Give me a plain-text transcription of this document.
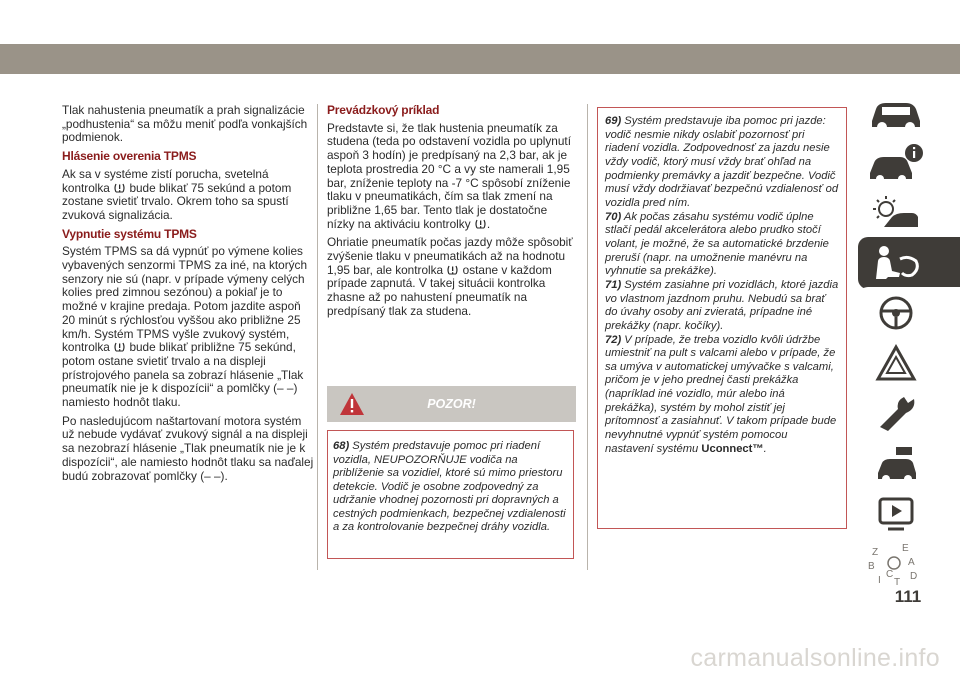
Tlak nahustenia pneumatík a prah signalizácie „podhustenia“ sa môžu meniť podľa vonkajších podmienok.

Hlásenie overenia TPMS

Ak sa v systéme zistí porucha, svetelná kontrolka bude blikať 75 sekúnd a potom zostane svietiť trvalo. Okrem toho sa spustí zvuková signalizácia.

Vypnutie systému TPMS

Systém TPMS sa dá vypnúť po výmene kolies vybavených senzormi TPMS za iné, na ktorých senzory nie sú (napr. v prípade výmeny celých kolies pred zimnou sezónou) a pokiaľ je to možné v krajine predaja. Potom jazdite aspoň 20 minút s rýchlosťou vyššou ako približne 25 km/h. Systém TPMS vyšle zvukový systém, kontrolka bude blikať približne 75 sekúnd, potom ostane svietiť trvalo a na displeji prístrojového panela sa zobrazí hlásenie „Tlak pneumatík nie je k dispozícii“ a pomlčky (– –) namiesto hodnôt tlaku.

Po nasledujúcom naštartovaní motora systém už nebude vydávať zvukový signál a na displeji sa nezobrazí hlásenie „Tlak pneumatík nie je k dispozícii“, ale namiesto hodnôt tlaku sa naďalej budú zobrazovať pomlčky (– –).

Prevádzkový príklad

Predstavte si, že tlak hustenia pneumatík za studena (teda po odstavení vozidla po uplynutí aspoň 3 hodín) je predpísaný na 2,3 bar, ak je teplota prostredia 20 °C a vy ste namerali 1,95 bar, zníženie teploty na -7 °C spôsobí zníženie tlaku v pneumatikách, čím sa tlak zmení na približne 1,65 bar. Tento tlak je dostatočne nízky na aktiváciu kontrolky .

Ohriatie pneumatík počas jazdy môže spôsobiť zvýšenie tlaku v pneumatikách až na hodnotu 1,95 bar, ale kontrolka ostane v každom prípade zapnutá. V takej situácii kontrolka zhasne až po nahustení pneumatík na predpísaný tlak za studena.

POZOR!
68) Systém predstavuje pomoc pri riadení vozidla, NEUPOZORŇUJE vodiča na priblíženie sa vozidiel, ktoré sú mimo priestoru detekcie. Vodič je osobne zodpovedný za udržanie vhodnej pozornosti pri dopravných a cestných podmienkach, bezpečnej vzdialenosti a za kontrolovanie bezpečnej dráhy vozidla.

69) Systém predstavuje iba pomoc pri jazde: vodič nesmie nikdy oslabiť pozornosť pri riadení vozidla. Zodpovednosť za jazdu nesie vždy vodič, ktorý musí vždy brať ohľad na podmienky premávky a jazdiť bezpečne. Vodič musí vždy dodržiavať bezpečnú vzdialenosť od vozidla pred ním.

70) Ak počas zásahu systému vodič úplne stlačí pedál akcelerátora alebo prudko stočí volant, je možné, že sa automatické brzdenie preruší (napr. na umožnenie manévru na vyhnutie sa prekážke).

71) Systém zasiahne pri vozidlách, ktoré jazdia vo vlastnom jazdnom pruhu. Nebudú sa brať do úvahy osoby ani zvieratá, prípadne iné prekážky (napr. kočíky).

72) V prípade, že treba vozidlo kvôli údržbe umiestniť na pult s valcami alebo v prípade, že sa umýva v automatickej umývačke s valcami, pričom je v jeho prednej časti prekážka (napríklad iné vozidlo, múr alebo iná prekážka), systém by mohol zistiť jej prítomnosť a zasiahnuť. V takom prípade bude nevyhnutné vypnúť systém pomocou nastavení systému Uconnect™.

Z E
B	A
C D
I T
111
carmanualsonline.info
